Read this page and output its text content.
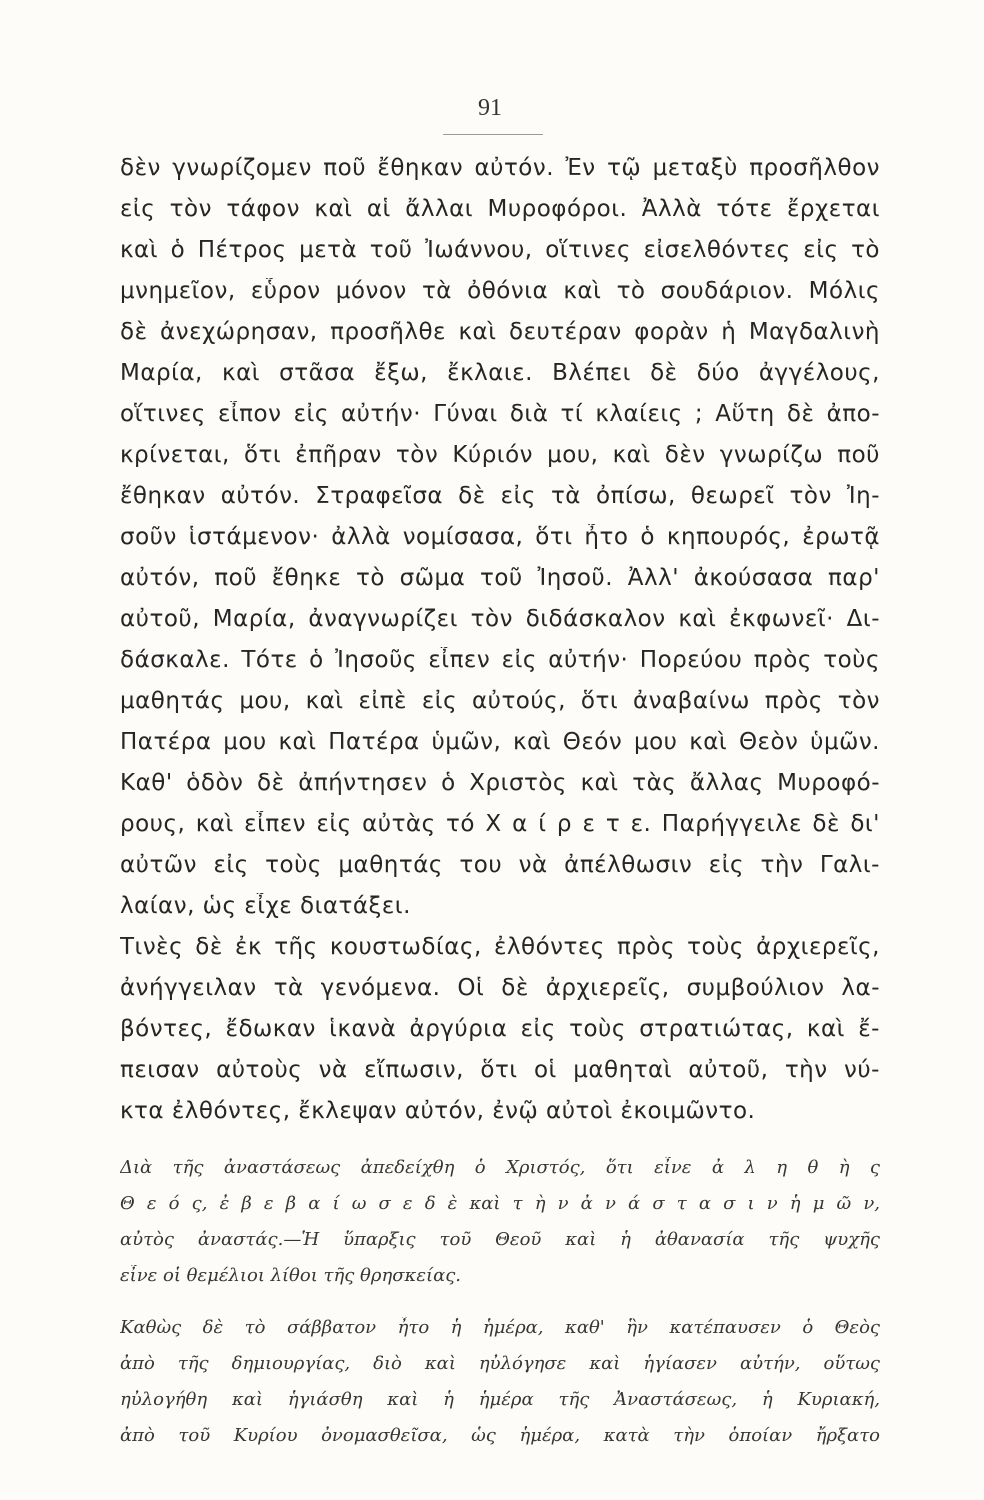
91
δὲν γνωρίζομεν ποῦ ἔθηκαν αὐτόν. Ἐν τῷ μεταξὺ προσῆλθον
εἰς τὸν τάφον καὶ αἱ ἄλλαι Μυροφόροι. Ἀλλὰ τότε ἔρχεται
καὶ ὁ Πέτρος μετὰ τοῦ Ἰωάννου, οἵτινες εἰσελθόντες εἰς τὸ
μνημεῖον, εὗρον μόνον τὰ ὀθόνια καὶ τὸ σουδάριον. Μόλις
δὲ ἀνεχώρησαν, προσῆλθε καὶ δευτέραν φορὰν ἡ Μαγδαλινὴ
Μαρία, καὶ στᾶσα ἔξω, ἔκλαιε. Βλέπει δὲ δύο ἀγγέλους,
οἵτινες εἶπον εἰς αὐτήν· Γύναι διὰ τί κλαίεις ; Αὕτη δὲ ἀπο-
κρίνεται, ὅτι ἐπῆραν τὸν Κύριόν μου, καὶ δὲν γνωρίζω ποῦ
ἔθηκαν αὐτόν. Στραφεῖσα δὲ εἰς τὰ ὀπίσω, θεωρεῖ τὸν Ἰη-
σοῦν ἱστάμενον· ἀλλὰ νομίσασα, ὅτι ἦτο ὁ κηπουρός, ἐρωτᾷ
αὐτόν, ποῦ ἔθηκε τὸ σῶμα τοῦ Ἰησοῦ. Ἀλλ' ἀκούσασα παρ'
αὐτοῦ, Μαρία, ἀναγνωρίζει τὸν διδάσκαλον καὶ ἐκφωνεῖ· Δι-
δάσκαλε. Τότε ὁ Ἰησοῦς εἶπεν εἰς αὐτήν· Πορεύου πρὸς τοὺς
μαθητάς μου, καὶ εἰπὲ εἰς αὐτούς, ὅτι ἀναβαίνω πρὸς τὸν
Πατέρα μου καὶ Πατέρα ὑμῶν, καὶ Θεόν μου καὶ Θεὸν ὑμῶν.
Καθ' ὁδὸν δὲ ἀπήντησεν ὁ Χριστὸς καὶ τὰς ἄλλας Μυροφό-
ρους, καὶ εἶπεν εἰς αὐτὰς τό Χ α ί ρ ε τ ε. Παρήγγειλε δὲ δι'
αὐτῶν εἰς τοὺς μαθητάς του νὰ ἀπέλθωσιν εἰς τὴν Γαλι-
λαίαν, ὡς εἶχε διατάξει.
Τινὲς δὲ ἐκ τῆς κουστωδίας, ἐλθόντες πρὸς τοὺς ἀρχιερεῖς,
ἀνήγγειλαν τὰ γενόμενα. Οἱ δὲ ἀρχιερεῖς, συμβούλιον λα-
βόντες, ἔδωκαν ἱκανὰ ἀργύρια εἰς τοὺς στρατιώτας, καὶ ἔ-
πεισαν αὐτοὺς νὰ εἴπωσιν, ὅτι οἱ μαθηταὶ αὐτοῦ, τὴν νύ-
κτα ἐλθόντες, ἔκλεψαν αὐτόν, ἐνῷ αὐτοὶ ἐκοιμῶντο.
Διὰ τῆς ἀναστάσεως ἀπεδείχθη ὁ Χριστός, ὅτι εἶνε ἀ λ η θ ὴ ς
Θ ε ό ς, ἐ β ε β α ί ω σ ε δ ὲ καὶ τ ὴ ν ἀ ν ά σ τ α σ ι ν ἡ μ ῶ ν,
αὐτὸς ἀναστάς.—Ἡ ὕπαρξις τοῦ Θεοῦ καὶ ἡ ἀθανασία τῆς ψυχῆς
εἶνε οἱ θεμέλιοι λίθοι τῆς θρησκείας.
Καθὼς δὲ τὸ σάββατον ἦτο ἡ ἡμέρα, καθ' ἣν κατέπαυσεν ὁ Θεὸς
ἀπὸ τῆς δημιουργίας, διὸ καὶ ηὐλόγησε καὶ ἡγίασεν αὐτήν, οὕτως
ηὐλογήθη καὶ ἡγιάσθη καὶ ἡ ἡμέρα τῆς Ἀναστάσεως, ἡ Κυριακή,
ἀπὸ τοῦ Κυρίου ὀνομασθεῖσα, ὡς ἡμέρα, κατὰ τὴν ὁποίαν ἤρξατο
